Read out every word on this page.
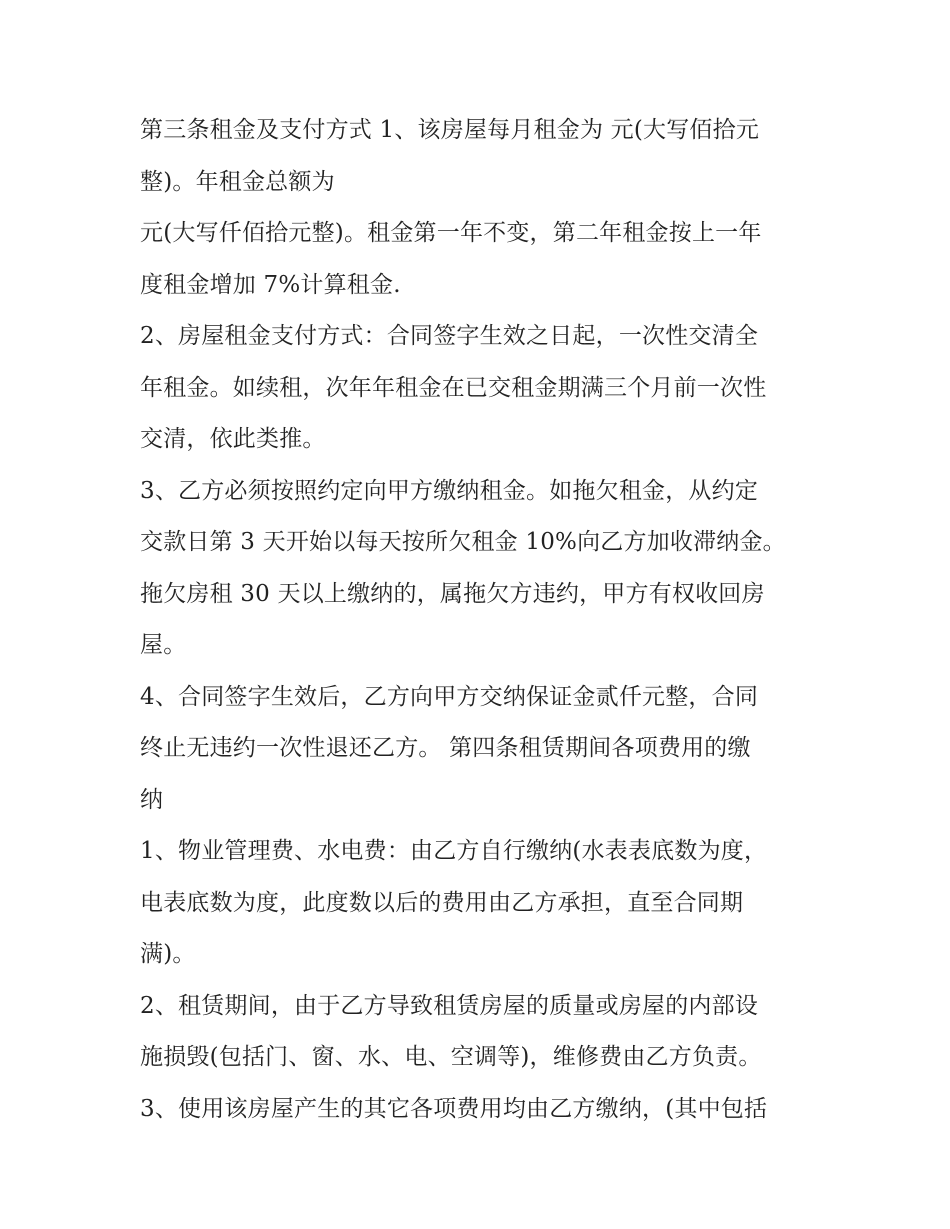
第三条租金及支付方式 1、该房屋每月租金为 元(大写佰拾元
整)。年租金总额为
元(大写仟佰拾元整)。租金第一年不变，第二年租金按上一年
度租金增加 7%计算租金.
2、房屋租金支付方式：合同签字生效之日起，一次性交清全
年租金。如续租，次年年租金在已交租金期满三个月前一次性
交清，依此类推。
3、乙方必须按照约定向甲方缴纳租金。如拖欠租金，从约定
交款日第 3 天开始以每天按所欠租金 10%向乙方加收滞纳金。
拖欠房租 30 天以上缴纳的，属拖欠方违约，甲方有权收回房
屋。
4、合同签字生效后，乙方向甲方交纳保证金贰仟元整，合同
终止无违约一次性退还乙方。 第四条租赁期间各项费用的缴
纳
1、物业管理费、水电费：由乙方自行缴纳(水表表底数为度，
电表底数为度，此度数以后的费用由乙方承担，直至合同期
满)。
2、租赁期间，由于乙方导致租赁房屋的质量或房屋的内部设
施损毁(包括门、窗、水、电、空调等)，维修费由乙方负责。
3、使用该房屋产生的其它各项费用均由乙方缴纳，(其中包括
